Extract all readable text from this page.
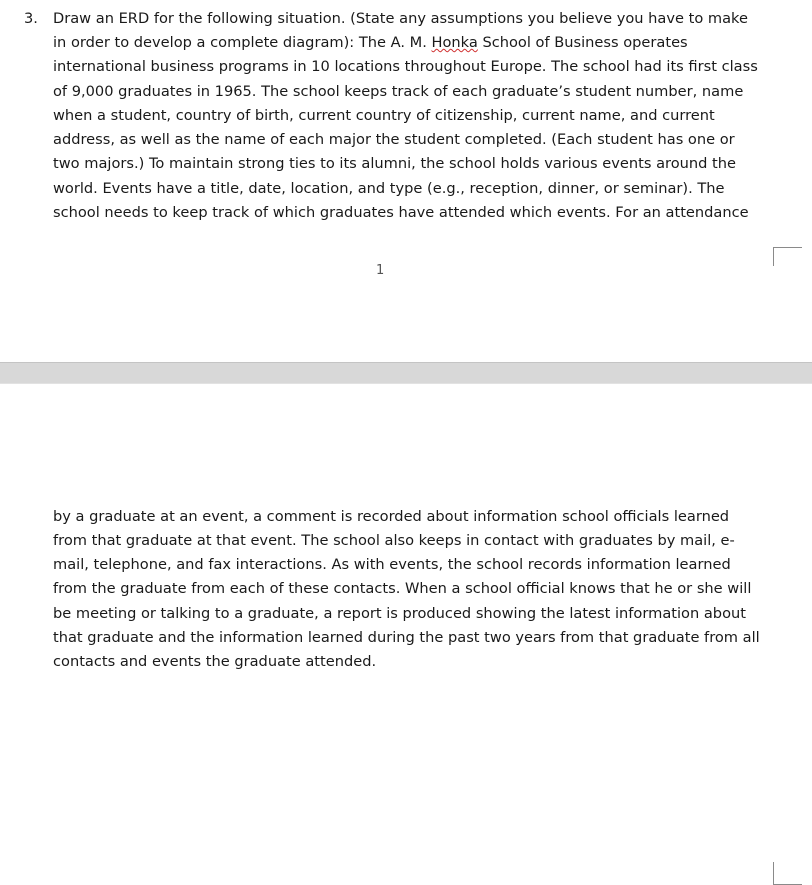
3. Draw an ERD for the following situation. (State any assumptions you believe you have to make
in order to develop a complete diagram): The A. M. Honka School of Business operates
international business programs in 10 locations throughout Europe. The school had its first class
of 9,000 graduates in 1965. The school keeps track of each graduate’s student number, name
when a student, country of birth, current country of citizenship, current name, and current
address, as well as the name of each major the student completed. (Each student has one or
two majors.) To maintain strong ties to its alumni, the school holds various events around the
world. Events have a title, date, location, and type (e.g., reception, dinner, or seminar). The
school needs to keep track of which graduates have attended which events. For an attendance
1
by a graduate at an event, a comment is recorded about information school officials learned
from that graduate at that event. The school also keeps in contact with graduates by mail, e-
mail, telephone, and fax interactions. As with events, the school records information learned
from the graduate from each of these contacts. When a school official knows that he or she will
be meeting or talking to a graduate, a report is produced showing the latest information about
that graduate and the information learned during the past two years from that graduate from all
contacts and events the graduate attended.
